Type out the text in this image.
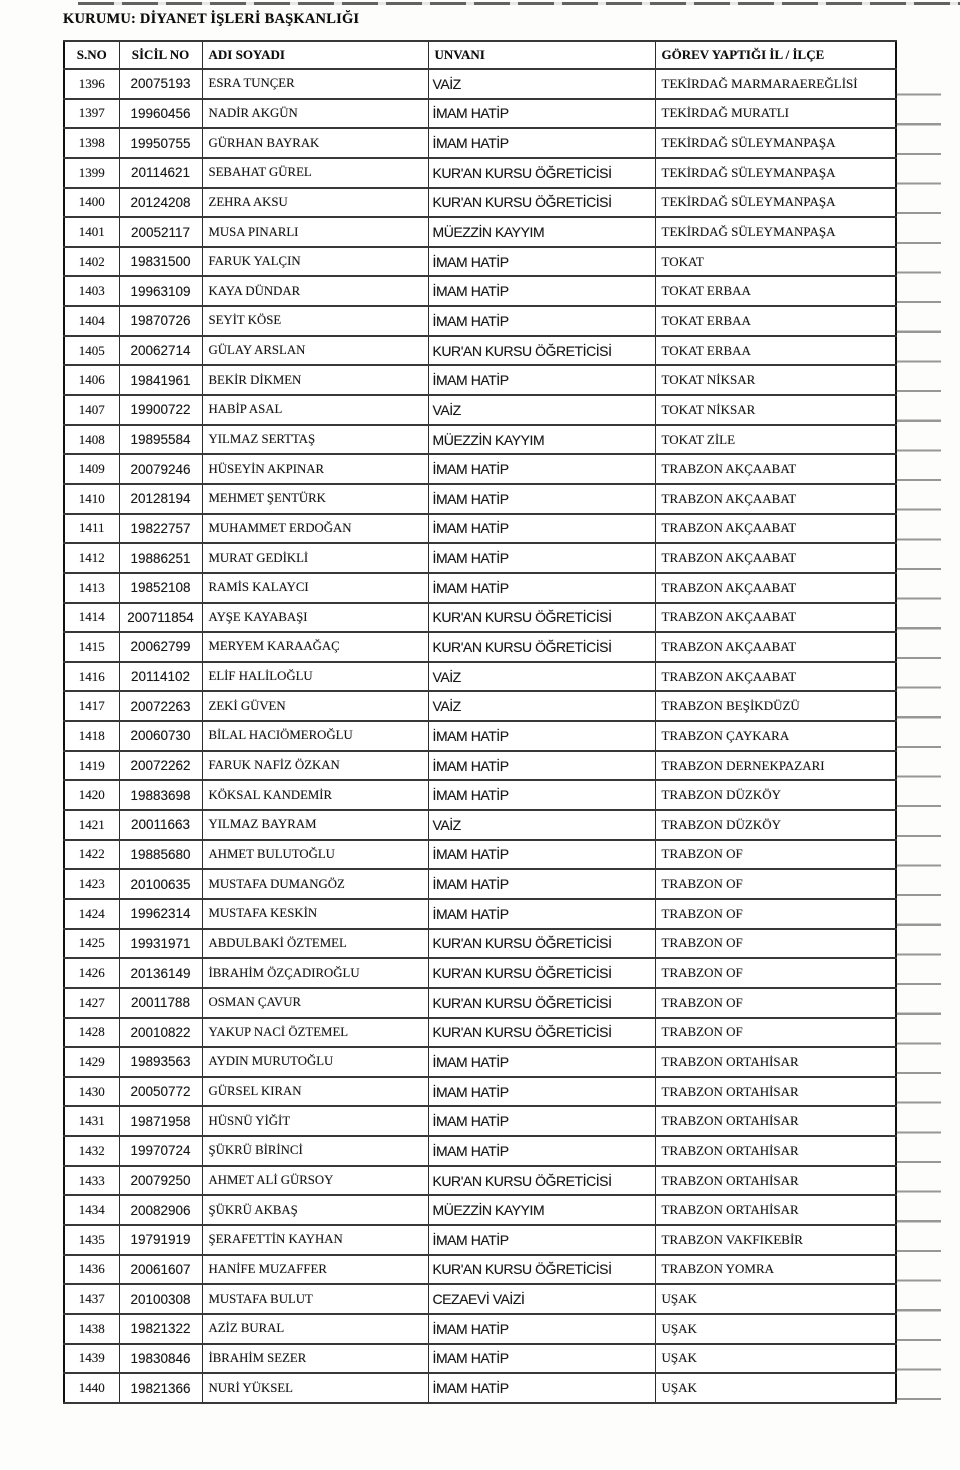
KURUMU: DİYANET İŞLERİ BAŞKANLIĞI
S.NO	SİCİL NO	ADI SOYADI	UNVANI	GÖREV YAPTIĞI İL / İLÇE
1396	20075193	ESRA TUNÇER	VAİZ	TEKİRDAĞ MARMARAEREĞLİSİ
1397	19960456	NADİR AKGÜN	İMAM HATİP	TEKİRDAĞ MURATLI
1398	19950755	GÜRHAN BAYRAK	İMAM HATİP	TEKİRDAĞ SÜLEYMANPAŞA
1399	20114621	SEBAHAT GÜREL	KUR'AN KURSU ÖĞRETİCİSİ	TEKİRDAĞ SÜLEYMANPAŞA
1400	20124208	ZEHRA AKSU	KUR'AN KURSU ÖĞRETİCİSİ	TEKİRDAĞ SÜLEYMANPAŞA
1401	20052117	MUSA PINARLI	MÜEZZİN KAYYIM	TEKİRDAĞ SÜLEYMANPAŞA
1402	19831500	FARUK YALÇIN	İMAM HATİP	TOKAT
1403	19963109	KAYA DÜNDAR	İMAM HATİP	TOKAT ERBAA
1404	19870726	SEYİT KÖSE	İMAM HATİP	TOKAT ERBAA
1405	20062714	GÜLAY ARSLAN	KUR'AN KURSU ÖĞRETİCİSİ	TOKAT ERBAA
1406	19841961	BEKİR DİKMEN	İMAM HATİP	TOKAT NİKSAR
1407	19900722	HABİP ASAL	VAİZ	TOKAT NİKSAR
1408	19895584	YILMAZ SERTTAŞ	MÜEZZİN KAYYIM	TOKAT ZİLE
1409	20079246	HÜSEYİN AKPINAR	İMAM HATİP	TRABZON AKÇAABAT
1410	20128194	MEHMET ŞENTÜRK	İMAM HATİP	TRABZON AKÇAABAT
1411	19822757	MUHAMMET ERDOĞAN	İMAM HATİP	TRABZON AKÇAABAT
1412	19886251	MURAT GEDİKLİ	İMAM HATİP	TRABZON AKÇAABAT
1413	19852108	RAMİS KALAYCI	İMAM HATİP	TRABZON AKÇAABAT
1414	200711854	AYŞE KAYABAŞI	KUR'AN KURSU ÖĞRETİCİSİ	TRABZON AKÇAABAT
1415	20062799	MERYEM KARAAĞAÇ	KUR'AN KURSU ÖĞRETİCİSİ	TRABZON AKÇAABAT
1416	20114102	ELİF HALİLOĞLU	VAİZ	TRABZON AKÇAABAT
1417	20072263	ZEKİ GÜVEN	VAİZ	TRABZON BEŞİKDÜZÜ
1418	20060730	BİLAL HACIÖMEROĞLU	İMAM HATİP	TRABZON ÇAYKARA
1419	20072262	FARUK NAFİZ ÖZKAN	İMAM HATİP	TRABZON DERNEKPAZARI
1420	19883698	KÖKSAL KANDEMİR	İMAM HATİP	TRABZON DÜZKÖY
1421	20011663	YILMAZ BAYRAM	VAİZ	TRABZON DÜZKÖY
1422	19885680	AHMET BULUTOĞLU	İMAM HATİP	TRABZON OF
1423	20100635	MUSTAFA DUMANGÖZ	İMAM HATİP	TRABZON OF
1424	19962314	MUSTAFA KESKİN	İMAM HATİP	TRABZON OF
1425	19931971	ABDULBAKİ ÖZTEMEL	KUR'AN KURSU ÖĞRETİCİSİ	TRABZON OF
1426	20136149	İBRAHİM ÖZÇADIROĞLU	KUR'AN KURSU ÖĞRETİCİSİ	TRABZON OF
1427	20011788	OSMAN ÇAVUR	KUR'AN KURSU ÖĞRETİCİSİ	TRABZON OF
1428	20010822	YAKUP NACİ ÖZTEMEL	KUR'AN KURSU ÖĞRETİCİSİ	TRABZON OF
1429	19893563	AYDIN MURUTOĞLU	İMAM HATİP	TRABZON ORTAHİSAR
1430	20050772	GÜRSEL KIRAN	İMAM HATİP	TRABZON ORTAHİSAR
1431	19871958	HÜSNÜ YİĞİT	İMAM HATİP	TRABZON ORTAHİSAR
1432	19970724	ŞÜKRÜ BİRİNCİ	İMAM HATİP	TRABZON ORTAHİSAR
1433	20079250	AHMET ALİ GÜRSOY	KUR'AN KURSU ÖĞRETİCİSİ	TRABZON ORTAHİSAR
1434	20082906	ŞÜKRÜ AKBAŞ	MÜEZZİN KAYYIM	TRABZON ORTAHİSAR
1435	19791919	ŞERAFETTİN KAYHAN	İMAM HATİP	TRABZON VAKFIKEBİR
1436	20061607	HANİFE MUZAFFER	KUR'AN KURSU ÖĞRETİCİSİ	TRABZON YOMRA
1437	20100308	MUSTAFA BULUT	CEZAEVİ VAİZİ	UŞAK
1438	19821322	AZİZ BURAL	İMAM HATİP	UŞAK
1439	19830846	İBRAHİM SEZER	İMAM HATİP	UŞAK
1440	19821366	NURİ YÜKSEL	İMAM HATİP	UŞAK
